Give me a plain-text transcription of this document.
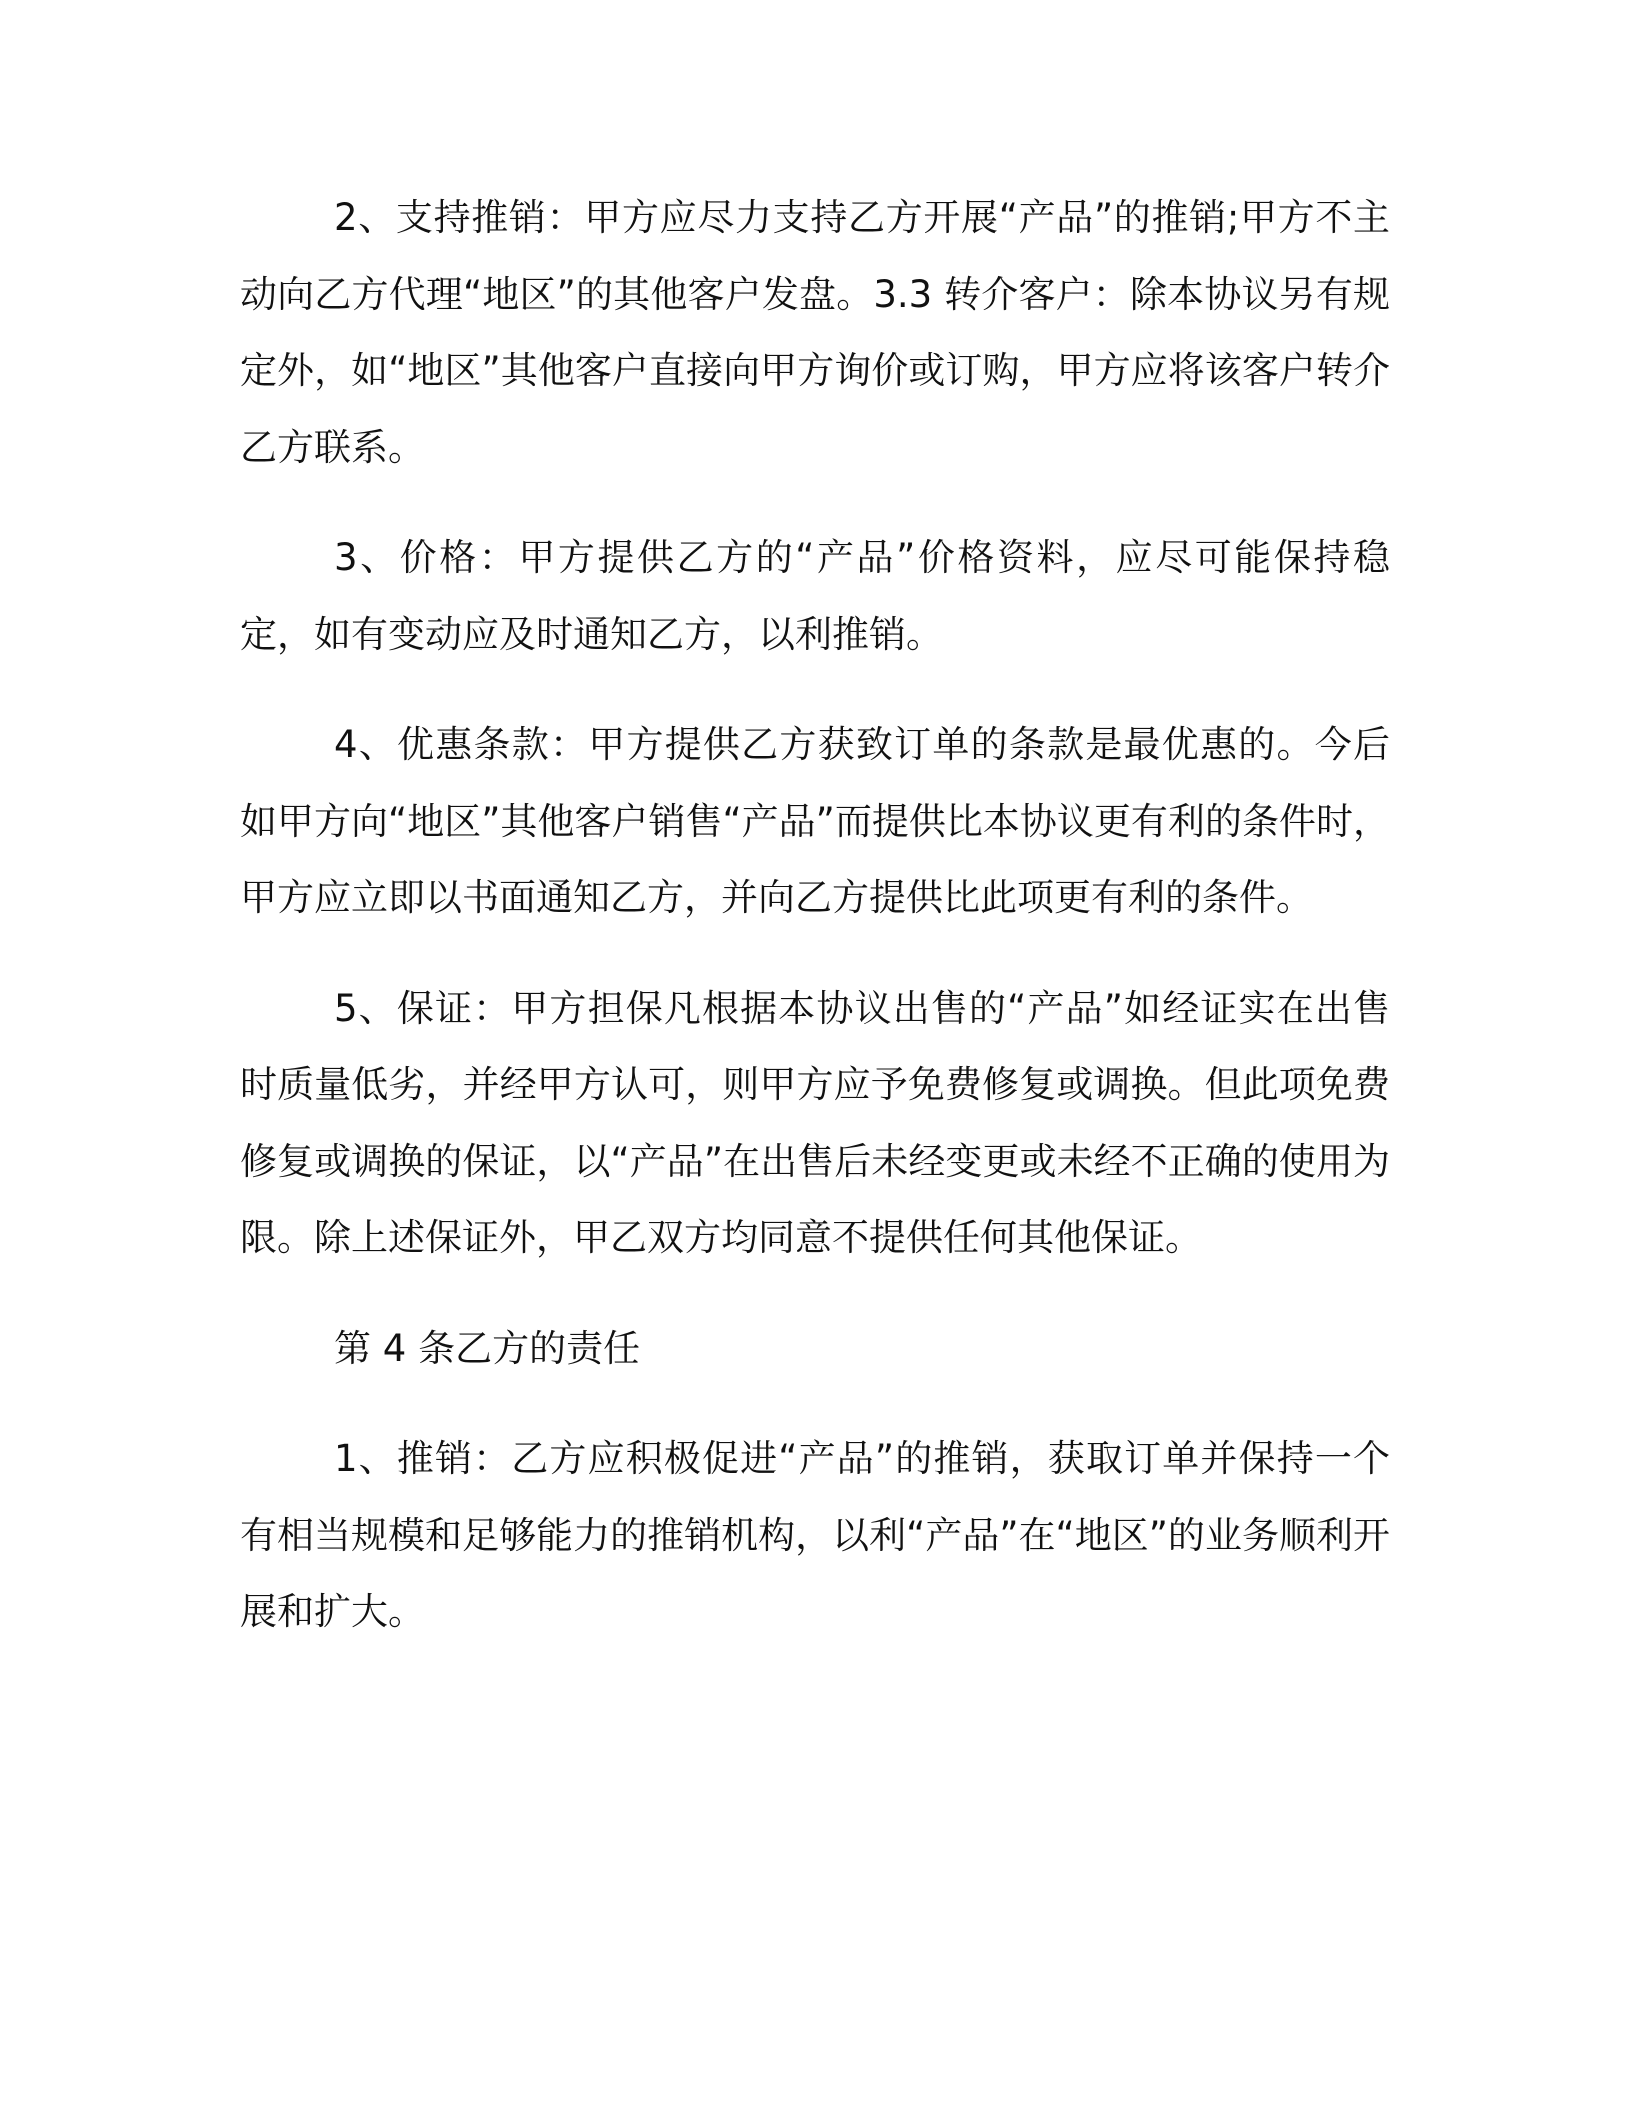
2、支持推销：甲方应尽力支持乙方开展“产品”的推销;甲方不主动向乙方代理“地区”的其他客户发盘。3.3 转介客户：除本协议另有规定外，如“地区”其他客户直接向甲方询价或订购，甲方应将该客户转介乙方联系。

3、价格：甲方提供乙方的“产品”价格资料，应尽可能保持稳定，如有变动应及时通知乙方，以利推销。

4、优惠条款：甲方提供乙方获致订单的条款是最优惠的。今后如甲方向“地区”其他客户销售“产品”而提供比本协议更有利的条件时，甲方应立即以书面通知乙方，并向乙方提供比此项更有利的条件。

5、保证：甲方担保凡根据本协议出售的“产品”如经证实在出售时质量低劣，并经甲方认可，则甲方应予免费修复或调换。但此项免费修复或调换的保证，以“产品”在出售后未经变更或未经不正确的使用为限。除上述保证外，甲乙双方均同意不提供任何其他保证。

第 4 条乙方的责任

1、推销：乙方应积极促进“产品”的推销，获取订单并保持一个有相当规模和足够能力的推销机构，以利“产品”在“地区”的业务顺利开展和扩大。
